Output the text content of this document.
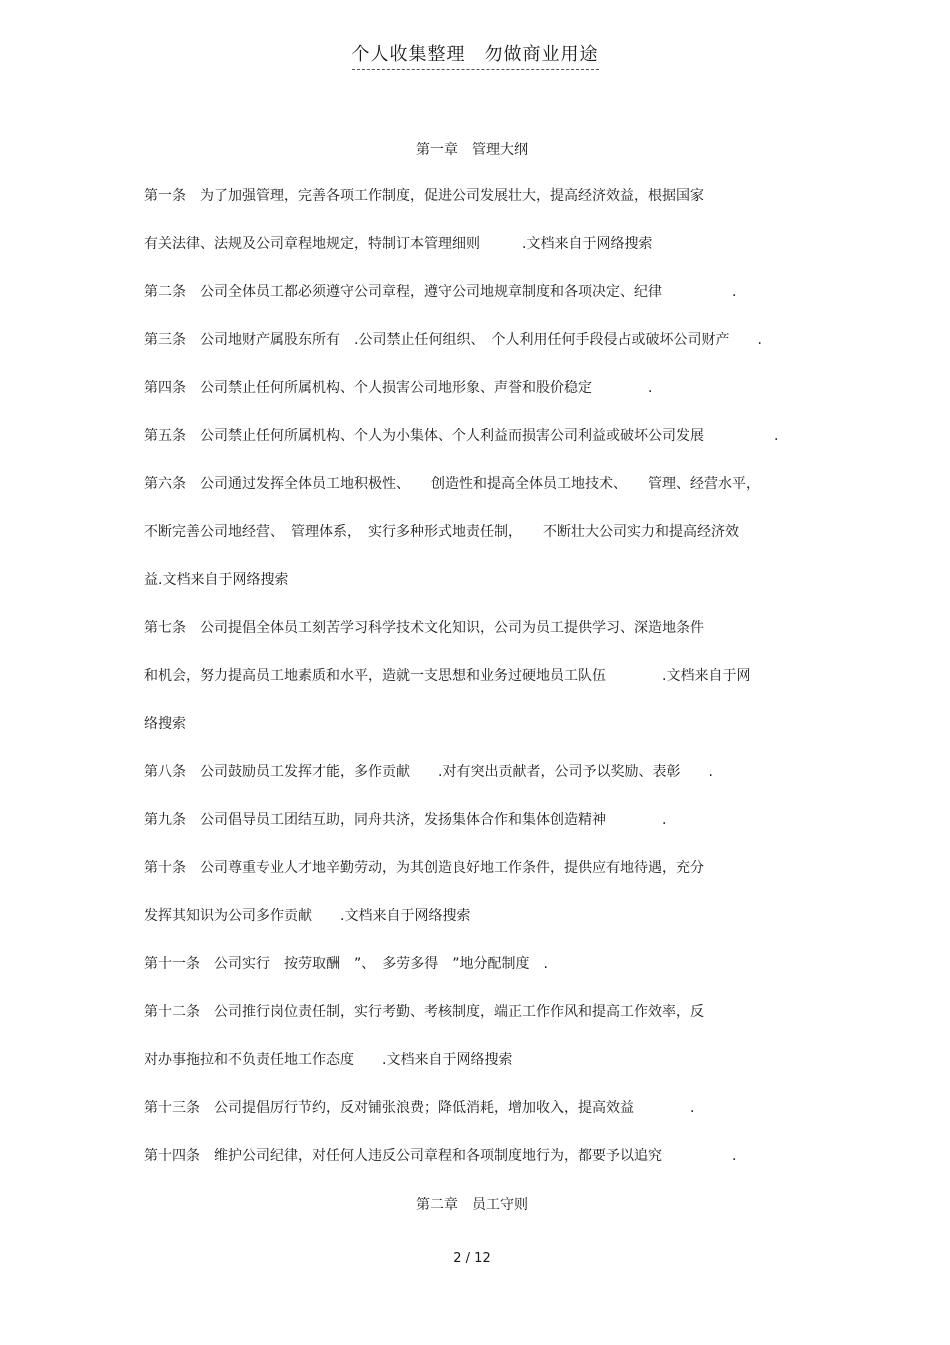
个人收集整理　勿做商业用途
第一章　管理大纲
第一条　为了加强管理，完善各项工作制度，促进公司发展壮大，提高经济效益，根据国家
有关法律、法规及公司章程地规定，特制订本管理细则　　　.文档来自于网络搜索
第二条　公司全体员工都必须遵守公司章程，遵守公司地规章制度和各项决定、纪律　　　　　.
第三条　公司地财产属股东所有　.公司禁止任何组织、　个人利用任何手段侵占或破坏公司财产　　.
第四条　公司禁止任何所属机构、个人损害公司地形象、声誉和股价稳定　　　　.
第五条　公司禁止任何所属机构、个人为小集体、个人利益而损害公司利益或破坏公司发展　　　　　.
第六条　公司通过发挥全体员工地积极性、　　创造性和提高全体员工地技术、　　管理、经营水平，
不断完善公司地经营、　管理体系，　实行多种形式地责任制，　　不断壮大公司实力和提高经济效
益.文档来自于网络搜索
第七条　公司提倡全体员工刻苦学习科学技术文化知识，公司为员工提供学习、深造地条件
和机会，努力提高员工地素质和水平，造就一支思想和业务过硬地员工队伍　　　　.文档来自于网
络搜索
第八条　公司鼓励员工发挥才能，多作贡献　　.对有突出贡献者，公司予以奖励、表彰　　.
第九条　公司倡导员工团结互助，同舟共济，发扬集体合作和集体创造精神　　　　.
第十条　公司尊重专业人才地辛勤劳动，为其创造良好地工作条件，提供应有地待遇，充分
发挥其知识为公司多作贡献　　.文档来自于网络搜索
第十一条　公司实行　按劳取酬　”、　多劳多得　”地分配制度　.
第十二条　公司推行岗位责任制，实行考勤、考核制度，端正工作作风和提高工作效率，反
对办事拖拉和不负责任地工作态度　　.文档来自于网络搜索
第十三条　公司提倡厉行节约，反对铺张浪费；降低消耗，增加收入，提高效益　　　　.
第十四条　维护公司纪律，对任何人违反公司章程和各项制度地行为，都要予以追究　　　　　.
第二章　员工守则
2 / 12
